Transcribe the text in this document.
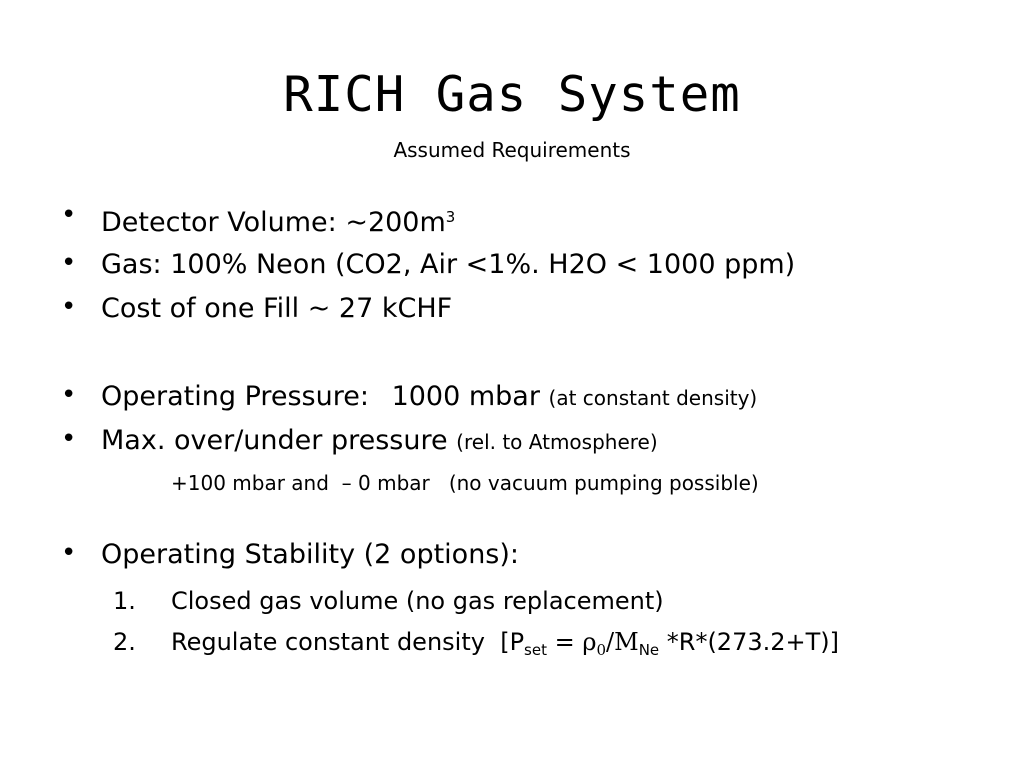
RICH Gas System
Assumed Requirements
• Detector Volume: $\sim 200m^3$
• Gas: 100% Neon (CO2, Air <1%. H2O < 1000 ppm)
• Cost of one Fill ~ 27 kCHF
• Operating Pressure: 1000 mbar (at constant density)
• Max. over/under pressure (rel. to Atmosphere)
+100 mbar and  – 0 mbar   (no vacuum pumping possible)
• Operating Stability (2 options):
1. Closed gas volume (no gas replacement)
2. Regulate constant density  [$P_{set} = \rho_0/M_{Ne}$ *R*(273.2+T)]
